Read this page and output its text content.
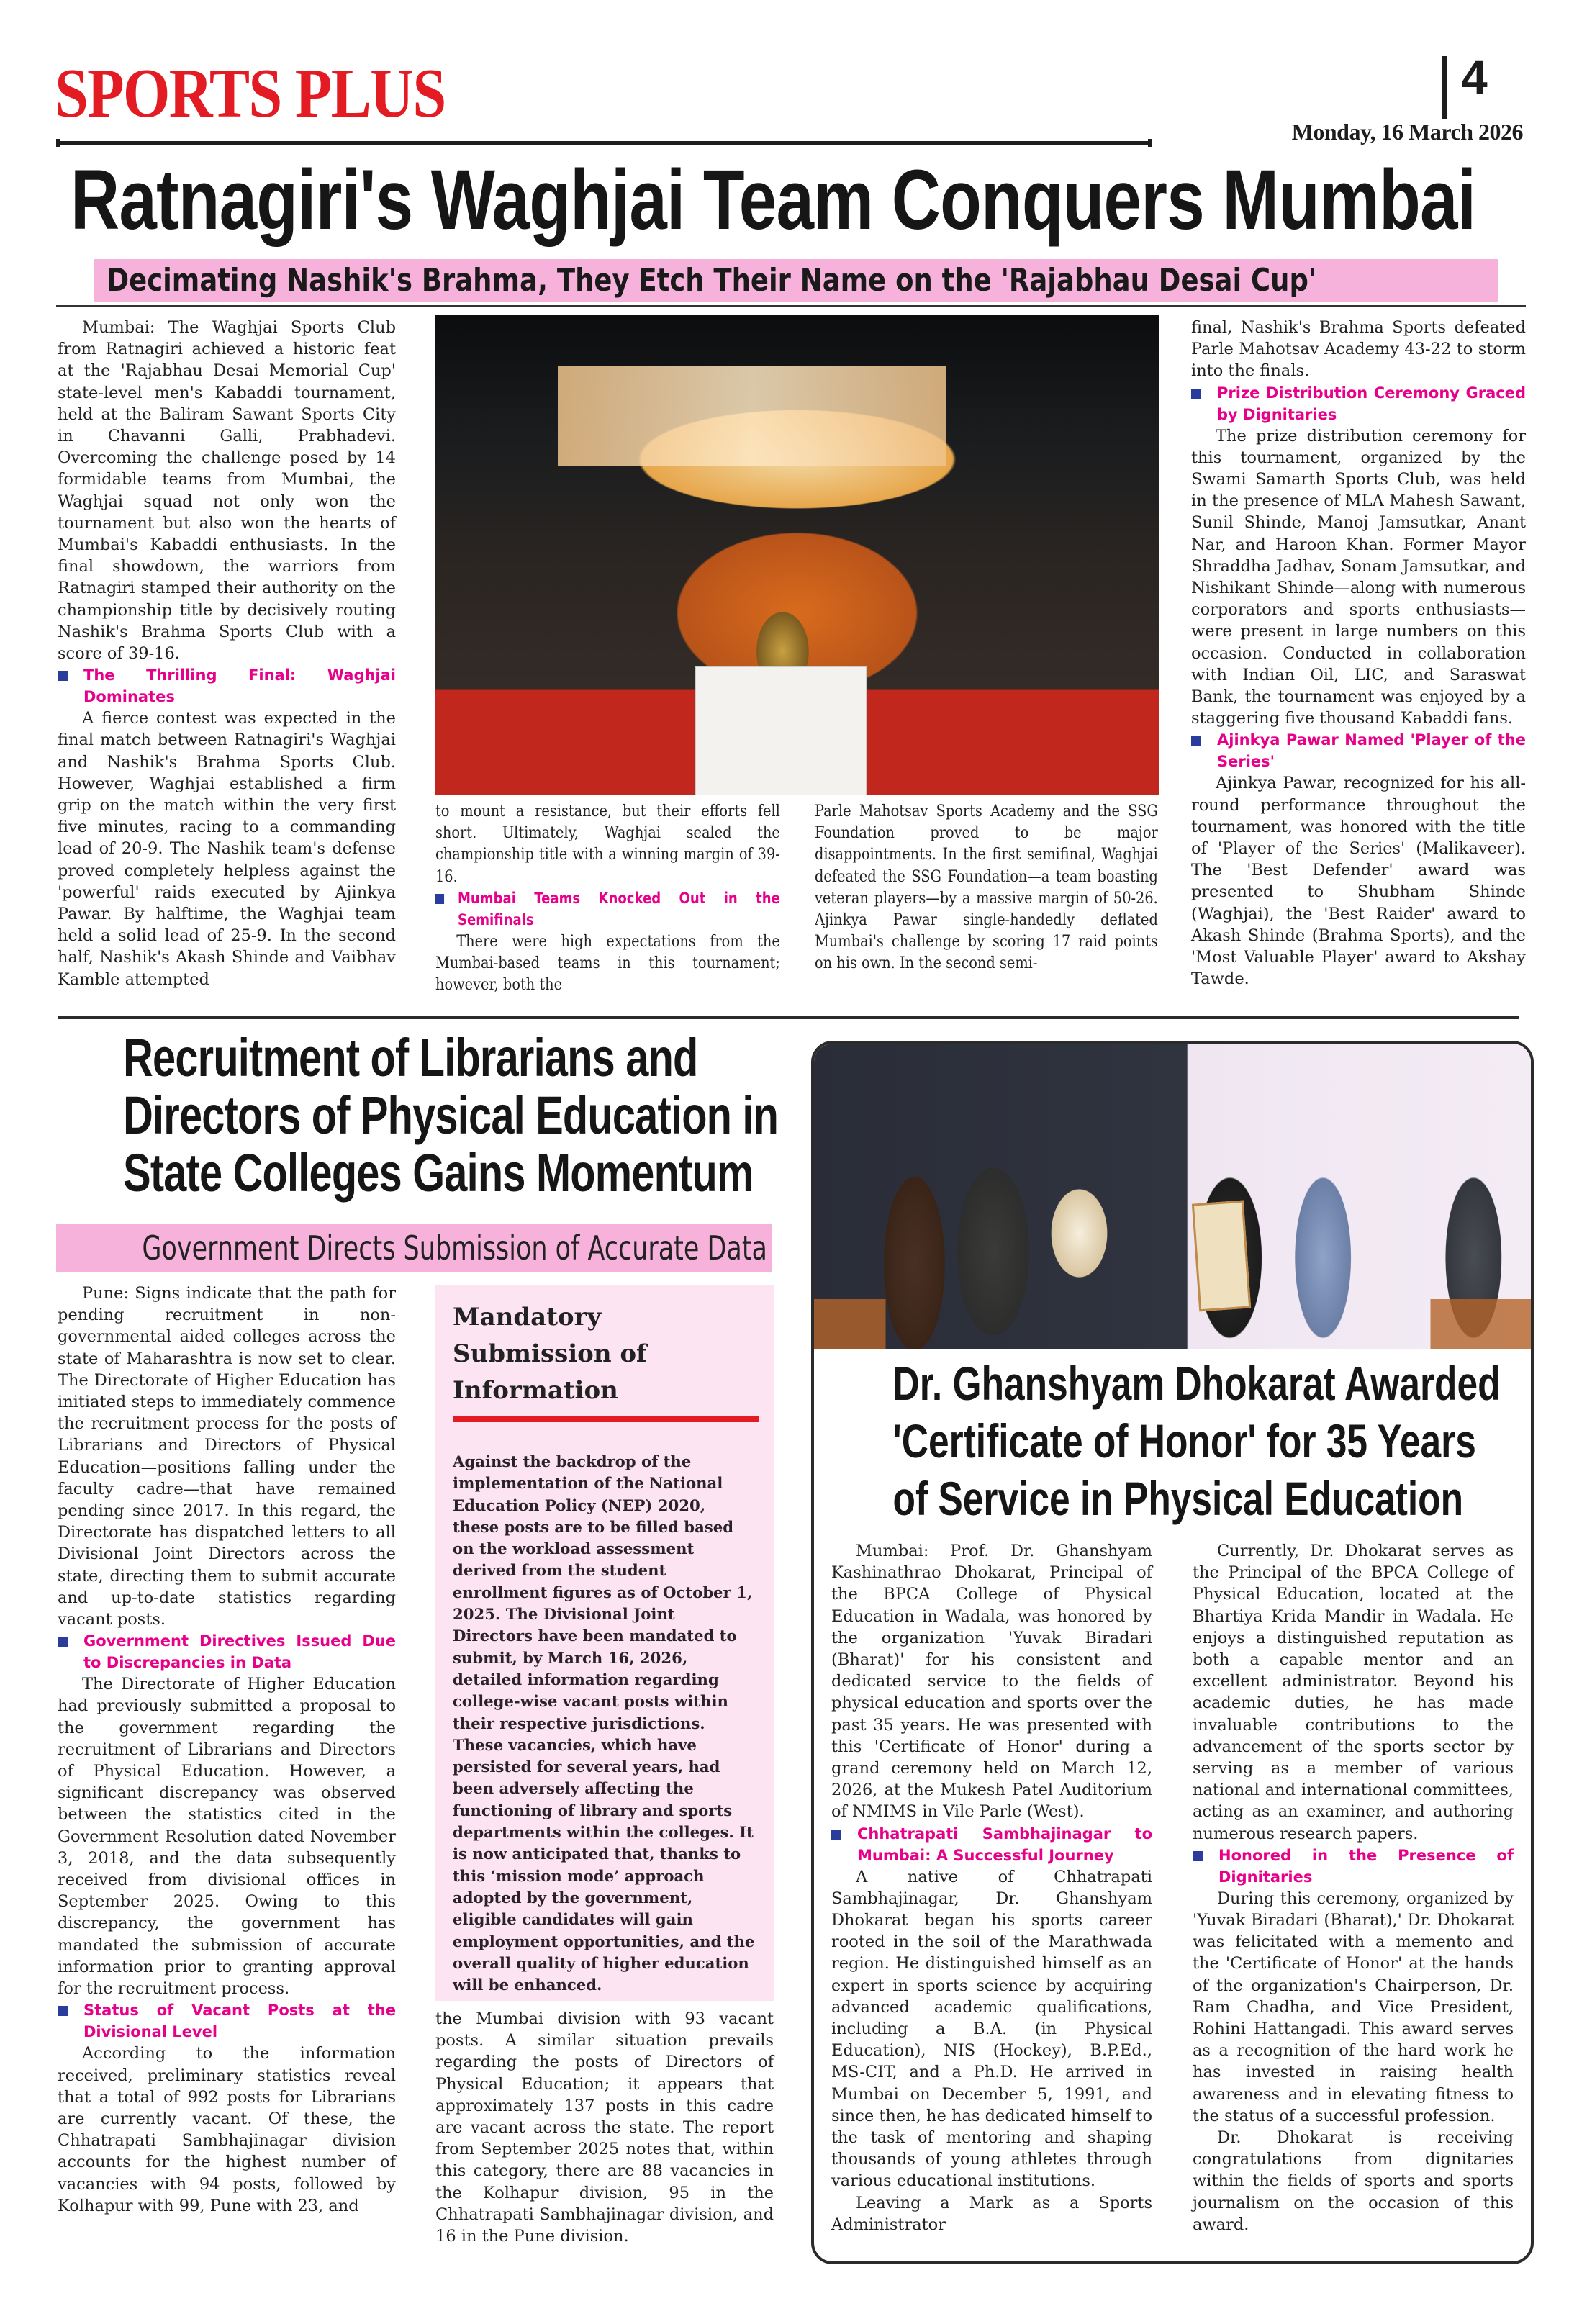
SPORTS PLUS	4
Monday, 16 March 2026
Ratnagiri's Waghjai Team Conquers Mumbai
Decimating Nashik's Brahma, They Etch Their Name on the 'Rajabhau Desai Cup'

Mumbai: The Waghjai Sports Club from Ratnagiri achieved a historic feat at the 'Rajabhau Desai Memorial Cup' state-level men's Kabaddi tournament, held at the Baliram Sawant Sports City in Chavanni Galli, Prabhadevi. Overcoming the challenge posed by 14 formidable teams from Mumbai, the Waghjai squad not only won the tournament but also won the hearts of Mumbai's Kabaddi enthusiasts. In the final showdown, the warriors from Ratnagiri stamped their authority on the championship title by decisively routing Nashik's Brahma Sports Club with a score of 39-16.

The Thrilling Final: Waghjai Dominates

A fierce contest was expected in the final match between Ratnagiri's Waghjai and Nashik's Brahma Sports Club. However, Waghjai established a firm grip on the match within the very first five minutes, racing to a commanding lead of 20-9. The Nashik team's defense proved completely helpless against the 'powerful' raids executed by Ajinkya Pawar. By halftime, the Waghjai team held a solid lead of 25-9. In the second half, Nashik's Akash Shinde and Vaibhav Kamble attempted

to mount a resistance, but their efforts fell short. Ultimately, Waghjai sealed the championship title with a winning margin of 39-16.

Mumbai Teams Knocked Out in the Semifinals

There were high expectations from the Mumbai-based teams in this tournament; however, both the

Parle Mahotsav Sports Academy and the SSG Foundation proved to be major disappointments. In the first semifinal, Waghjai defeated the SSG Foundation—a team boasting veteran players—by a massive margin of 50-26. Ajinkya Pawar single-handedly deflated Mumbai's challenge by scoring 17 raid points on his own. In the second semi-

final, Nashik's Brahma Sports defeated Parle Mahotsav Academy 43-22 to storm into the finals.

Prize Distribution Ceremony Graced by Dignitaries

The prize distribution ceremony for this tournament, organized by the Swami Samarth Sports Club, was held in the presence of MLA Mahesh Sawant, Sunil Shinde, Manoj Jamsutkar, Anant Nar, and Haroon Khan. Former Mayor Shraddha Jadhav, Sonam Jamsutkar, and Nishikant Shinde—along with numerous corporators and sports enthusiasts—were present in large numbers on this occasion. Conducted in collaboration with Indian Oil, LIC, and Saraswat Bank, the tournament was enjoyed by a staggering five thousand Kabaddi fans.

Ajinkya Pawar Named 'Player of the Series'

Ajinkya Pawar, recognized for his all-round performance throughout the tournament, was honored with the title of 'Player of the Series' (Malikaveer). The 'Best Defender' award was presented to Shubham Shinde (Waghjai), the 'Best Raider' award to Akash Shinde (Brahma Sports), and the 'Most Valuable Player' award to Akshay Tawde.

Recruitment of Librarians and
Directors of Physical Education in
State Colleges Gains Momentum
Government Directs Submission of Accurate Data

Pune: Signs indicate that the path for pending recruitment in non-governmental aided colleges across the state of Maharashtra is now set to clear. The Directorate of Higher Education has initiated steps to immediately commence the recruitment process for the posts of Librarians and Directors of Physical Education—positions falling under the faculty cadre—that have remained pending since 2017. In this regard, the Directorate has dispatched letters to all Divisional Joint Directors across the state, directing them to submit accurate and up-to-date statistics regarding vacant posts.

Government Directives Issued Due to Discrepancies in Data

The Directorate of Higher Education had previously submitted a proposal to the government regarding the recruitment of Librarians and Directors of Physical Education. However, a significant discrepancy was observed between the statistics cited in the Government Resolution dated November 3, 2018, and the data subsequently received from divisional offices in September 2025. Owing to this discrepancy, the government has mandated the submission of accurate information prior to granting approval for the recruitment process.

Status of Vacant Posts at the Divisional Level

According to the information received, preliminary statistics reveal that a total of 992 posts for Librarians are currently vacant. Of these, the Chhatrapati Sambhajinagar division accounts for the highest number of vacancies with 94 posts, followed by Kolhapur with 99, Pune with 23, and

Mandatory Submission of Information
Against the backdrop of the implementation of the National Education Policy (NEP) 2020, these posts are to be filled based on the workload assessment derived from the student enrollment figures as of October 1, 2025. The Divisional Joint Directors have been mandated to submit, by March 16, 2026, detailed information regarding college-wise vacant posts within their respective jurisdictions. These vacancies, which have persisted for several years, had been adversely affecting the functioning of library and sports departments within the colleges. It is now anticipated that, thanks to this ‘mission mode’ approach adopted by the government, eligible candidates will gain employment opportunities, and the overall quality of higher education will be enhanced.

the Mumbai division with 93 vacant posts. A similar situation prevails regarding the posts of Directors of Physical Education; it appears that approximately 137 posts in this cadre are vacant across the state. The report from September 2025 notes that, within this category, there are 88 vacancies in the Kolhapur division, 95 in the Chhatrapati Sambhajinagar division, and 16 in the Pune division.

Dr. Ghanshyam Dhokarat Awarded
'Certificate of Honor' for 35 Years
of Service in Physical Education

Mumbai: Prof. Dr. Ghanshyam Kashinathrao Dhokarat, Principal of the BPCA College of Physical Education in Wadala, was honored by the organization 'Yuvak Biradari (Bharat)' for his consistent and dedicated service to the fields of physical education and sports over the past 35 years. He was presented with this 'Certificate of Honor' during a grand ceremony held on March 12, 2026, at the Mukesh Patel Auditorium of NMIMS in Vile Parle (West).

Chhatrapati Sambhajinagar to Mumbai: A Successful Journey

A native of Chhatrapati Sambhajinagar, Dr. Ghanshyam Dhokarat began his sports career rooted in the soil of the Marathwada region. He distinguished himself as an expert in sports science by acquiring advanced academic qualifications, including a B.A. (in Physical Education), NIS (Hockey), B.P.Ed., MS-CIT, and a Ph.D. He arrived in Mumbai on December 5, 1991, and since then, he has dedicated himself to the task of mentoring and shaping thousands of young athletes through various educational institutions.

Leaving a Mark as a Sports Administrator

Currently, Dr. Dhokarat serves as the Principal of the BPCA College of Physical Education, located at the Bhartiya Krida Mandir in Wadala. He enjoys a distinguished reputation as both a capable mentor and an excellent administrator. Beyond his academic duties, he has made invaluable contributions to the advancement of the sports sector by serving as a member of various national and international committees, acting as an examiner, and authoring numerous research papers.

Honored in the Presence of Dignitaries

During this ceremony, organized by 'Yuvak Biradari (Bharat),' Dr. Dhokarat was felicitated with a memento and the 'Certificate of Honor' at the hands of the organization's Chairperson, Dr. Ram Chadha, and Vice President, Rohini Hattangadi. This award serves as a recognition of the hard work he has invested in raising health awareness and in elevating fitness to the status of a successful profession.

Dr. Dhokarat is receiving congratulations from dignitaries within the fields of sports and sports journalism on the occasion of this award.
